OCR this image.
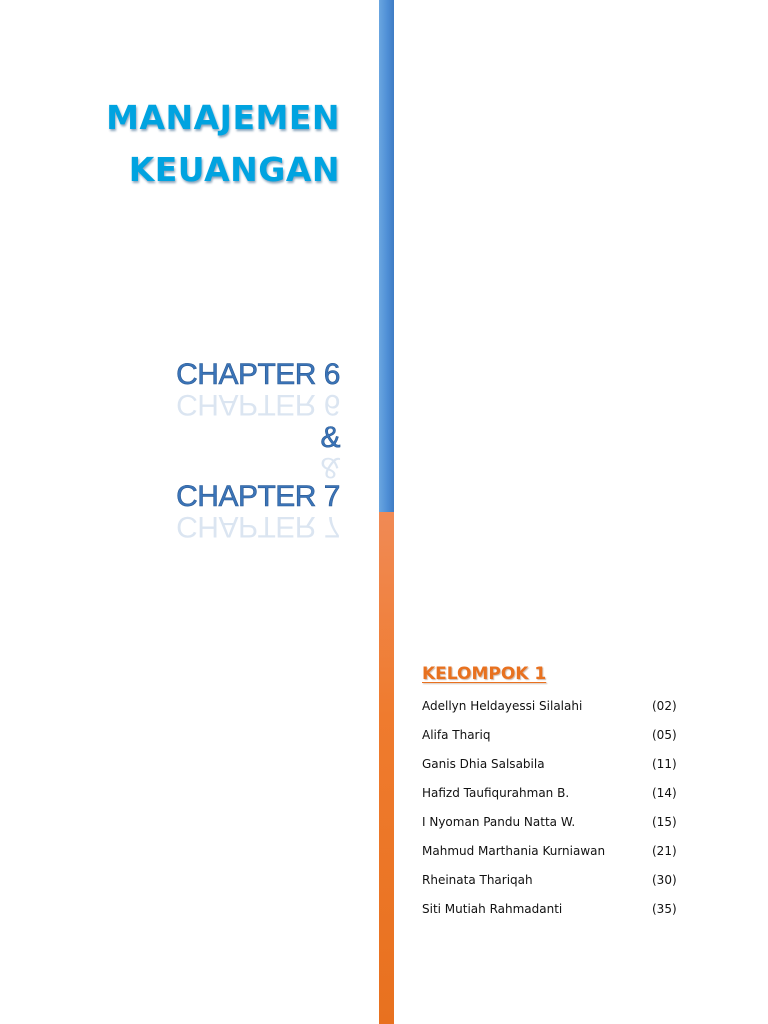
MANAJEMEN
KEUANGAN
CHAPTER 6
CHAPTER 6
&
&
CHAPTER 7
CHAPTER 7
KELOMPOK 1
Adellyn Heldayessi Silalahi	(02)
Alifa Thariq	(05)
Ganis Dhia Salsabila	(11)
Hafizd Taufiqurahman B.	(14)
I Nyoman Pandu Natta W.	(15)
Mahmud Marthania Kurniawan	(21)
Rheinata Thariqah	(30)
Siti Mutiah Rahmadanti	(35)
